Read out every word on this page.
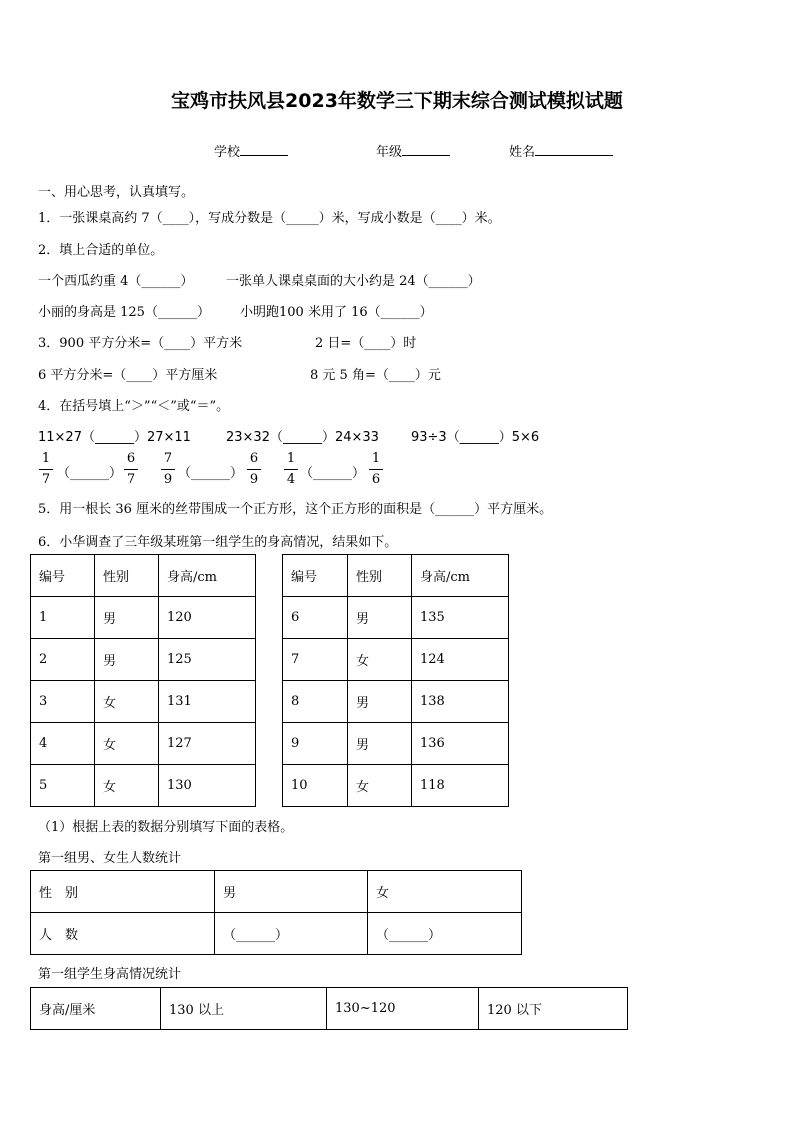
宝鸡市扶风县2023年数学三下期末综合测试模拟试题
学校	年级	姓名
一、用心思考，认真填写。
1．一张课桌高约 7（____），写成分数是（_____）米，写成小数是（____）米。
2．填上合适的单位。
一个西瓜约重 4（______）	一张单人课桌桌面的大小约是 24（______）
小丽的身高是 125（______） 小明跑100 米用了 16（______）
3．900 平方分米=（____）平方米	2 日=（____）时
6 平方分米=（____）平方厘米	8 元 5 角=（____）元
4．在括号填上“＞”“＜”或“＝”。
11×27（______）27×11	23×32（______）24×33 93÷3（______）5×6
1
7 （______）
6
7
7
9 （______）
6
9
1
4 （______）
1
6
5．用一根长 36 厘米的丝带围成一个正方形，这个正方形的面积是（______）平方厘米。
6．小华调查了三年级某班第一组学生的身高情况，结果如下。
编号	性别	身高/cm
1	男	120
2	男	125
3	女	131
4	女	127
5	女	130
编号	性别	身高/cm
6	男	135
7	女	124
8	男	138
9	男	136
10	女	118
（1）根据上表的数据分别填写下面的表格。
第一组男、女生人数统计
性　别	男	女
人　数	（______）	（______）
第一组学生身高情况统计
身高/厘米	130 以上	130~120	120 以下
